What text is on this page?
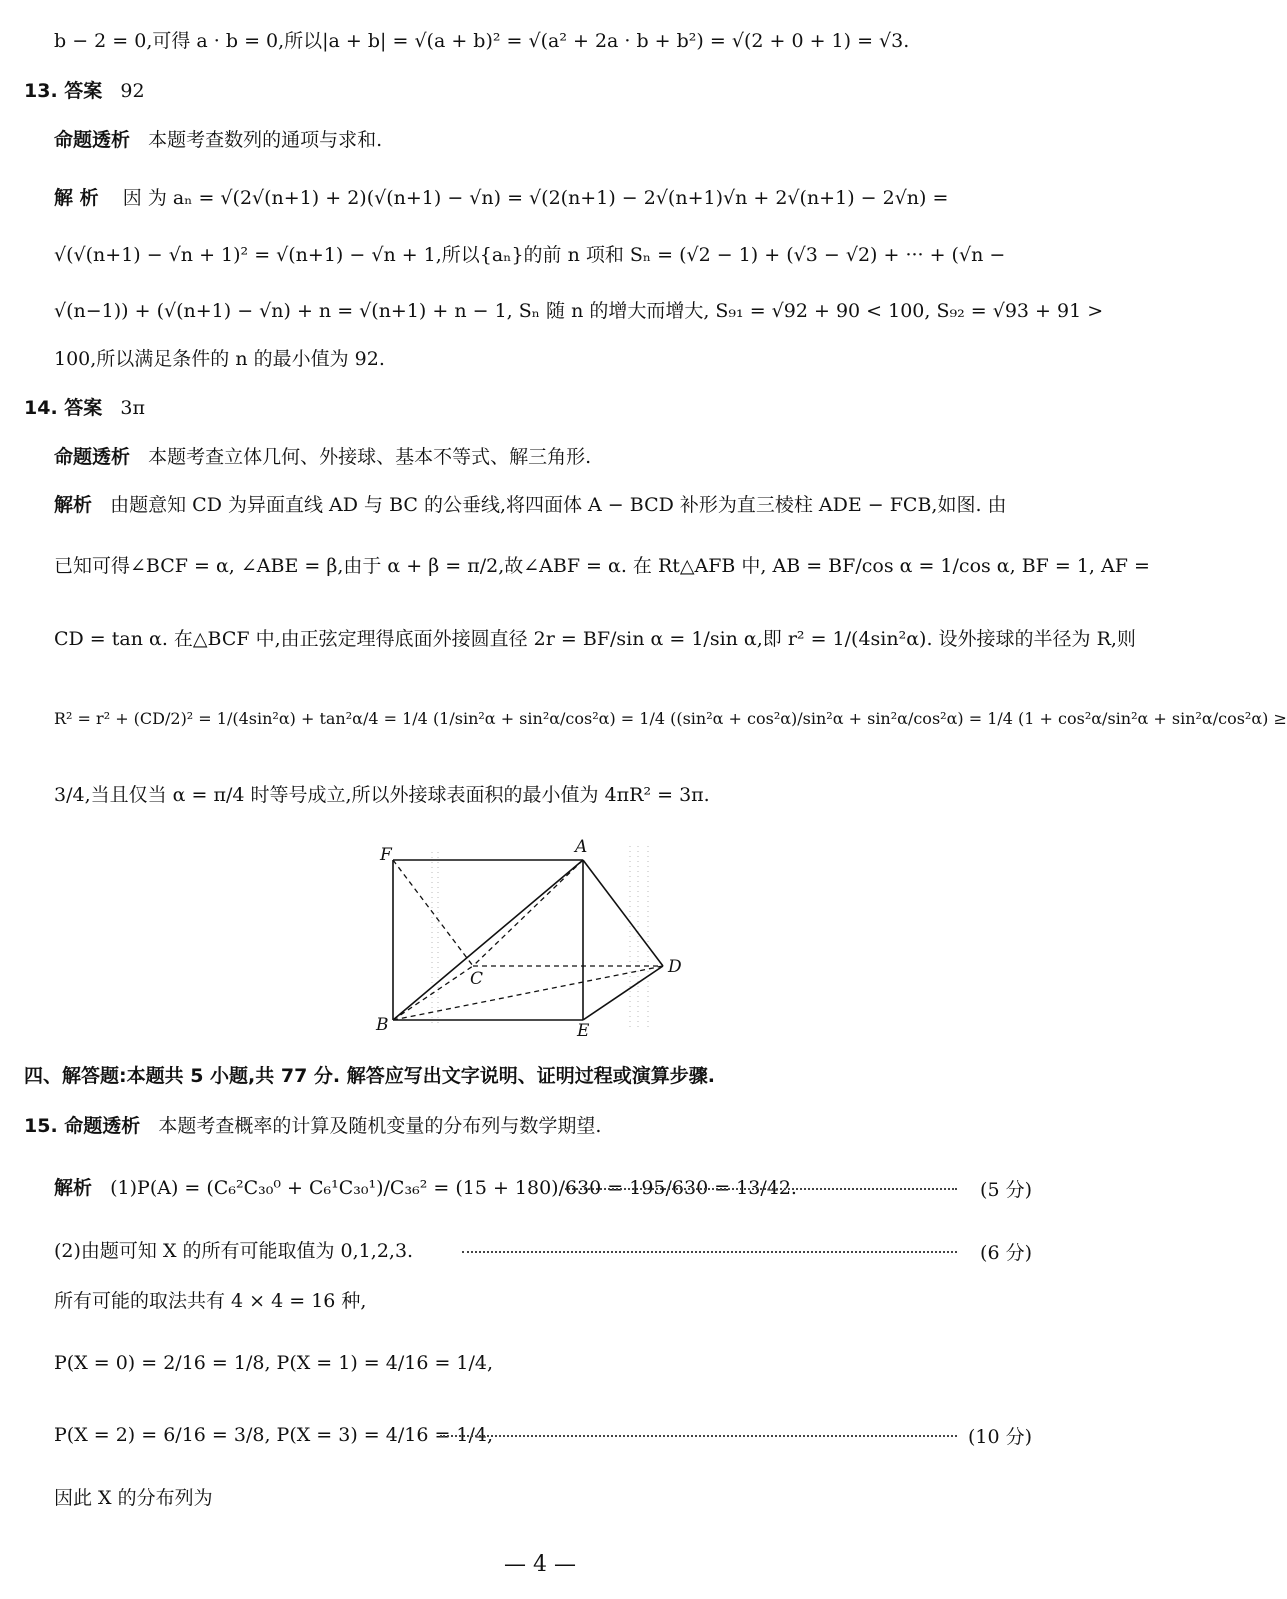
b − 2 = 0,可得 a · b = 0,所以|a + b| = √(a + b)² = √(a² + 2a · b + b²) = √(2 + 0 + 1) = √3.
13. 答案 92
命题透析 本题考查数列的通项与求和.
解 析 因 为 aₙ = √(2√(n+1) + 2)(√(n+1) − √n) = √(2(n+1) − 2√(n+1)√n + 2√(n+1) − 2√n) =
√(√(n+1) − √n + 1)² = √(n+1) − √n + 1,所以{aₙ}的前 n 项和 Sₙ = (√2 − 1) + (√3 − √2) + ··· + (√n −
√(n−1)) + (√(n+1) − √n) + n = √(n+1) + n − 1, Sₙ 随 n 的增大而增大, S₉₁ = √92 + 90 < 100, S₉₂ = √93 + 91 >
100,所以满足条件的 n 的最小值为 92.
14. 答案 3π
命题透析 本题考查立体几何、外接球、基本不等式、解三角形.
解析 由题意知 CD 为异面直线 AD 与 BC 的公垂线,将四面体 A − BCD 补形为直三棱柱 ADE − FCB,如图. 由
已知可得∠BCF = α, ∠ABE = β,由于 α + β = π/2,故∠ABF = α. 在 Rt△AFB 中, AB = BF/cos α = 1/cos α, BF = 1, AF =
CD = tan α. 在△BCF 中,由正弦定理得底面外接圆直径 2r = BF/sin α = 1/sin α,即 r² = 1/(4sin²α). 设外接球的半径为 R,则
R² = r² + (CD/2)² = 1/(4sin²α) + tan²α/4 = 1/4 (1/sin²α + sin²α/cos²α) = 1/4 ((sin²α + cos²α)/sin²α + sin²α/cos²α) = 1/4 (1 + cos²α/sin²α + sin²α/cos²α) ≥
3/4,当且仅当 α = π/4 时等号成立,所以外接球表面积的最小值为 4πR² = 3π.
F	A
C
D
B	E
四、解答题:本题共 5 小题,共 77 分. 解答应写出文字说明、证明过程或演算步骤.
15. 命题透析 本题考查概率的计算及随机变量的分布列与数学期望.
解析 (1)P(A) = (C₆²C₃₀⁰ + C₆¹C₃₀¹)/C₃₆² = (15 + 180)/630 = 195/630 = 13/42.	(5 分)
(2)由题可知 X 的所有可能取值为 0,1,2,3.	(6 分)
所有可能的取法共有 4 × 4 = 16 种,
P(X = 0) = 2/16 = 1/8, P(X = 1) = 4/16 = 1/4,
P(X = 2) = 6/16 = 3/8, P(X = 3) = 4/16 = 1/4,	(10 分)
因此 X 的分布列为
— 4 —
